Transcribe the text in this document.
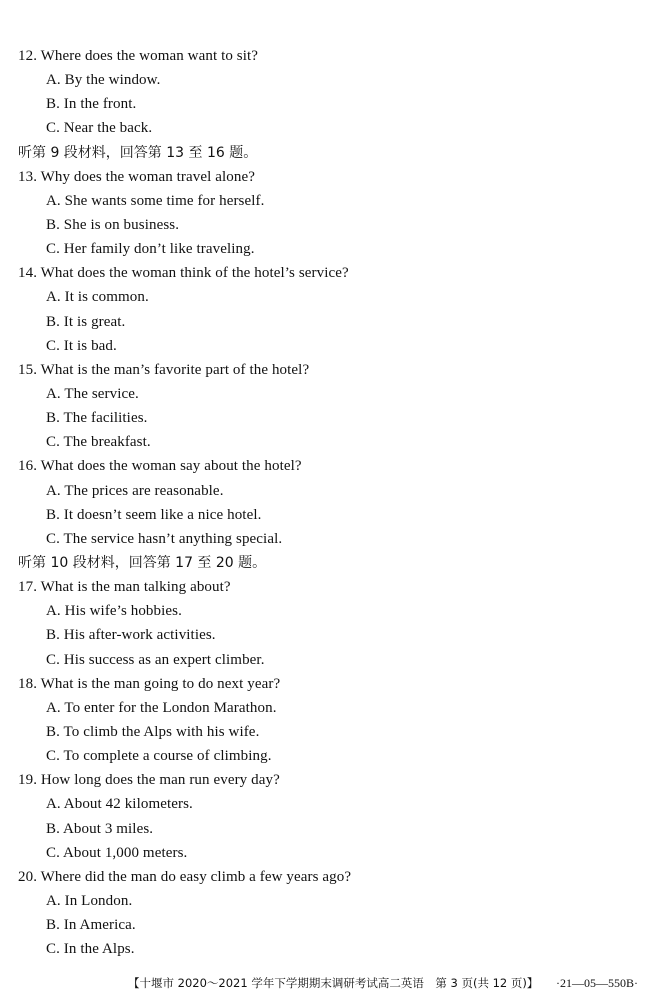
12. Where does the woman want to sit?
A. By the window.
B. In the front.
C. Near the back.
听第 9 段材料，回答第 13 至 16 题。
13. Why does the woman travel alone?
A. She wants some time for herself.
B. She is on business.
C. Her family don’t like traveling.
14. What does the woman think of the hotel’s service?
A. It is common.
B. It is great.
C. It is bad.
15. What is the man’s favorite part of the hotel?
A. The service.
B. The facilities.
C. The breakfast.
16. What does the woman say about the hotel?
A. The prices are reasonable.
B. It doesn’t seem like a nice hotel.
C. The service hasn’t anything special.
听第 10 段材料，回答第 17 至 20 题。
17. What is the man talking about?
A. His wife’s hobbies.
B. His after-work activities.
C. His success as an expert climber.
18. What is the man going to do next year?
A. To enter for the London Marathon.
B. To climb the Alps with his wife.
C. To complete a course of climbing.
19. How long does the man run every day?
A. About 42 kilometers.
B. About 3 miles.
C. About 1,000 meters.
20. Where did the man do easy climb a few years ago?
A. In London.
B. In America.
C. In the Alps.
【十堰市 2020～2021 学年下学期期末调研考试高二英语　第 3 页(共 12 页)】 ·21—05—550B·
